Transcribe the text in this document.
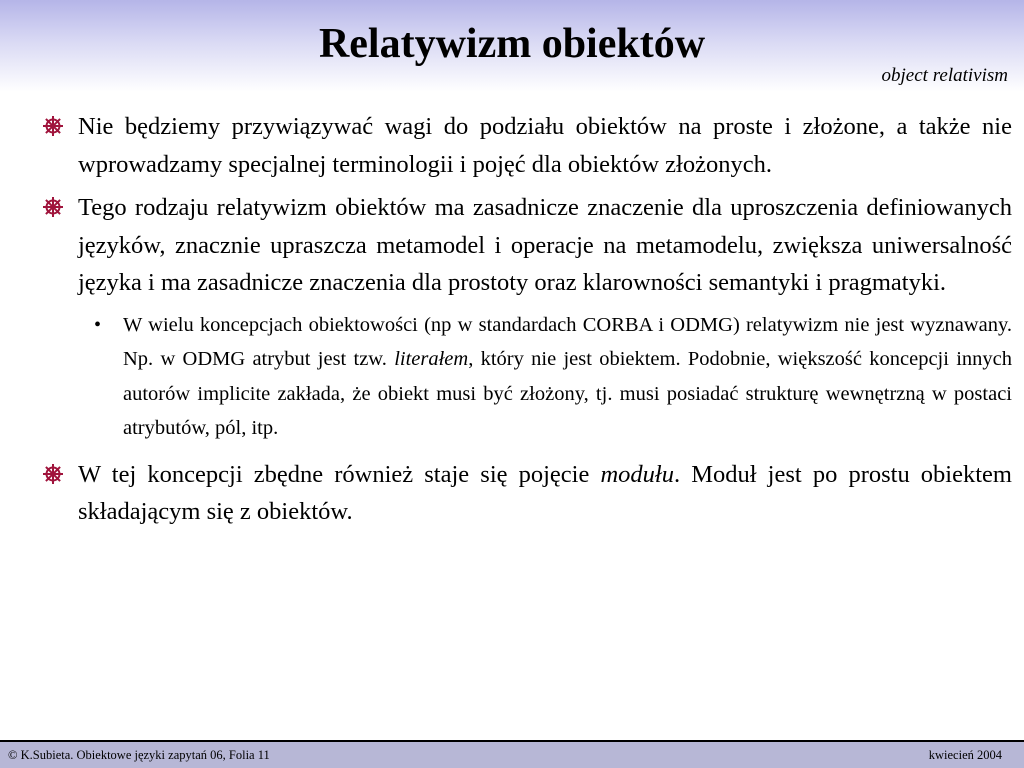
Relatywizm obiektów
object relativism
Nie będziemy przywiązywać wagi do podziału obiektów na proste i złożone, a także nie wprowadzamy specjalnej terminologii i pojęć dla obiektów złożonych.
Tego rodzaju relatywizm obiektów ma zasadnicze znaczenie dla uproszczenia definiowanych języków, znacznie upraszcza metamodel i operacje na metamodelu, zwiększa uniwersalność języka i ma zasadnicze znaczenia dla prostoty oraz klarowności semantyki i pragmatyki.
• W wielu koncepcjach obiektowości (np w standardach CORBA i ODMG) relatywizm nie jest wyznawany. Np. w ODMG atrybut jest tzw. literałem, który nie jest obiektem. Podobnie, większość koncepcji innych autorów implicite zakłada, że obiekt musi być złożony, tj. musi posiadać strukturę wewnętrzną w postaci atrybutów, pól, itp.
W tej koncepcji zbędne również staje się pojęcie modułu. Moduł jest po prostu obiektem składającym się z obiektów.
© K.Subieta. Obiektowe języki zapytań 06, Folia 11	kwiecień 2004
